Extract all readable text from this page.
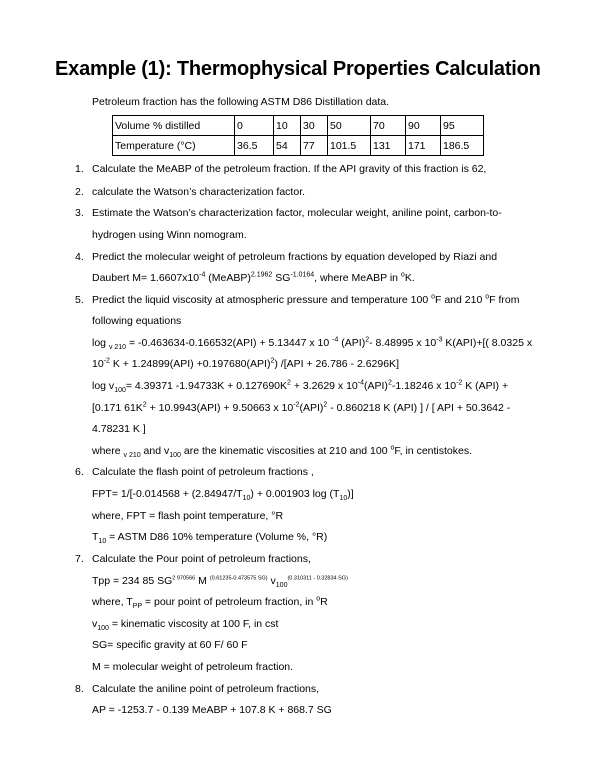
Example (1): Thermophysical Properties Calculation
Petroleum fraction has the following ASTM D86 Distillation data.
Volume % distilled	0	10	30	50	70	90	95
Temperature (°C)	36.5	54	77	101.5	131	171	186.5
1.
2.
3.
4.
5.
6.
7.
8.
Calculate the MeABP of the petroleum fraction. If the API gravity of this fraction is 62,
calculate the Watson’s characterization factor.
Estimate the Watson’s characterization factor, molecular weight, aniline point, carbon-to-
hydrogen using Winn nomogram.
Predict the molecular weight of petroleum fractions by equation developed by Riazi and
Daubert $M= 1.6607x10^{-4}$ (MeABP)$^{2.1962}$ $SG^{-1.0164}$, where MeABP in $^o$K.
Predict the liquid viscosity at atmospheric pressure and temperature 100 $^o$F and 210 $^o$F from
following equations
log $_{v 210}$ = -0.463634-0.166532(API) + 5.13447 x 10 $^{-4}$ (API)$^2$- 8.48995 x $10^{-3}$ K(API)+[( 8.0325 x
$10^{-2}$ K + 1.24899(API) +0.197680(API)$^2$) /[API + 26.786 - 2.6296K]
$\log v_{100}= 4.39371$ $-1.94733K + 0.127690K^2 + 3.2629$ x $10^{-4}(API)^2-1.18246$ x $10^{-2}$ K (API) +
[0.171 $61K^2 + 10.9943(API) + 9.50663$ x $10^{-2}(API)^2 - 0.860218$ K (API) ] / [ API + 50.3642 -
4.78231 K ]
where $_{v 210}$ and $v_{100}$ are the kinematic viscosities at 210 and 100 $^o$F, in centistokes.
Calculate the flash point of petroleum fractions ,
$FPT= 1/[-0.014568 + (2.84947/T_{10}) + 0.001903$ $\log (T_{10})$]
where, FPT = flash point temperature, °R
$T_{10}$ = ASTM D86 10% temperature (Volume %, °R)
Calculate the Pour point of petroleum fractions,
Tpp = 234 85 $SG^{2 970566}$ M $^{(0.61235-0.473575 SG)}$ $v_{100}^{(0.310311 - 0.32834 SG)}$
where, $T_{PP}$ = pour point of petroleum fraction, in $^o$R
$v_{100}$ = kinematic viscosity at 100 F, in cst
SG= specific gravity at 60 F/ 60 F
M = molecular weight of petroleum fraction.
Calculate the aniline point of petroleum fractions,
AP = -1253.7 - 0.139 MeABP + 107.8 K + 868.7 SG
